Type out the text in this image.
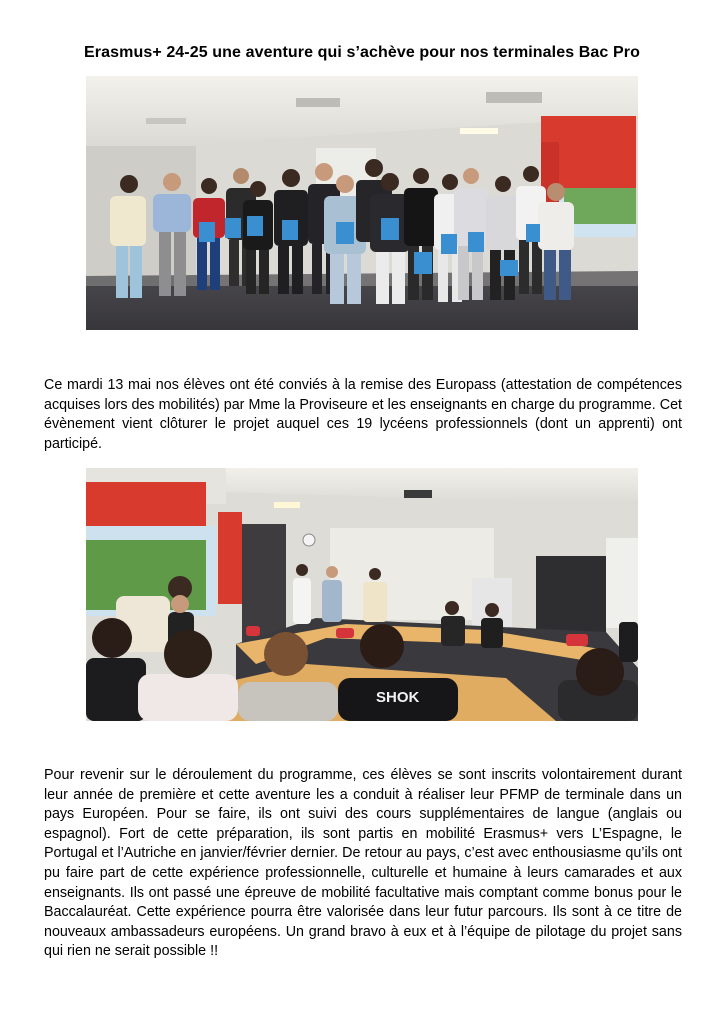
Erasmus+ 24-25 une aventure qui s’achève pour nos terminales Bac Pro
Ce mardi 13 mai nos élèves ont été conviés à la remise des Europass (attestation de compétences acquises lors des mobilités) par Mme la Proviseure et les enseignants en charge du programme. Cet évènement vient clôturer le projet auquel ces 19 lycéens professionnels (dont un apprenti) ont participé.
SHOK
Pour revenir sur le déroulement du programme, ces élèves se sont inscrits volontairement durant leur année de première et cette aventure les a conduit à réaliser leur PFMP de terminale dans un pays Européen. Pour se faire, ils ont suivi des cours supplémentaires de langue (anglais ou espagnol). Fort de cette préparation, ils sont partis en mobilité Erasmus+ vers L’Espagne, le Portugal et l’Autriche en janvier/février dernier. De retour au pays, c’est avec enthousiasme qu’ils ont pu faire part de cette expérience professionnelle, culturelle et humaine à leurs camarades et aux enseignants. Ils ont passé une épreuve de mobilité facultative mais comptant comme bonus pour le Baccalauréat. Cette expérience pourra être valorisée dans leur futur parcours. Ils sont à ce titre de nouveaux ambassadeurs européens. Un grand bravo à eux et à l’équipe de pilotage du projet sans qui rien ne serait possible !!
